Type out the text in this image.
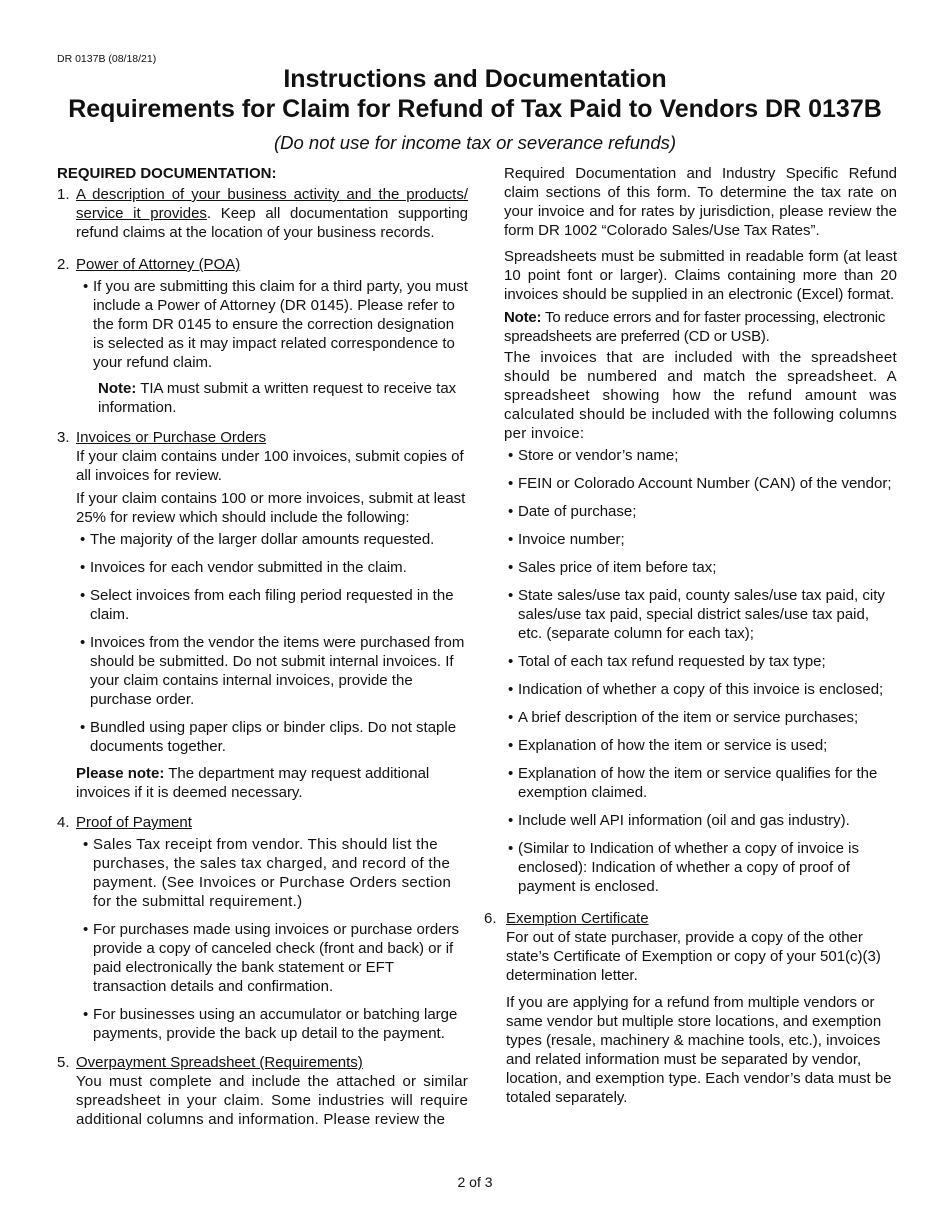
DR 0137B (08/18/21)
Instructions and Documentation
Requirements for Claim for Refund of Tax Paid to Vendors DR 0137B
(Do not use for income tax or severance refunds)

REQUIRED DOCUMENTATION:

1. A description of your business activity and the products/ service it provides. Keep all documentation supporting refund claims at the location of your business records.
2. Power of Attorney (POA)

• If you are submitting this claim for a third party, you must include a Power of Attorney (DR 0145). Please refer to the form DR 0145 to ensure the correction designation is selected as it may impact related correspondence to your refund claim.

Note: TIA must submit a written request to receive tax information.

3. Invoices or Purchase Orders

If your claim contains under 100 invoices, submit copies of all invoices for review.

If your claim contains 100 or more invoices, submit at least 25% for review which should include the following:

• The majority of the larger dollar amounts requested.

• Invoices for each vendor submitted in the claim.

• Select invoices from each filing period requested in the claim.

• Invoices from the vendor the items were purchased from should be submitted. Do not submit internal invoices. If your claim contains internal invoices, provide the purchase order.

• Bundled using paper clips or binder clips. Do not staple documents together.

Please note: The department may request additional invoices if it is deemed necessary.

4. Proof of Payment

• Sales Tax receipt from vendor. This should list the purchases, the sales tax charged, and record of the payment. (See Invoices or Purchase Orders section for the submittal requirement.)

• For purchases made using invoices or purchase orders provide a copy of canceled check (front and back) or if paid electronically the bank statement or EFT transaction details and confirmation.

• For businesses using an accumulator or batching large payments, provide the back up detail to the payment.

5. Overpayment Spreadsheet (Requirements)

You must complete and include the attached or similar spreadsheet in your claim. Some industries will require additional columns and information. Please review the

Required Documentation and Industry Specific Refund claim sections of this form. To determine the tax rate on your invoice and for rates by jurisdiction, please review the form DR 1002 “Colorado Sales/Use Tax Rates”.

Spreadsheets must be submitted in readable form (at least 10 point font or larger). Claims containing more than 20 invoices should be supplied in an electronic (Excel) format.

Note: To reduce errors and for faster processing, electronic spreadsheets are preferred (CD or USB).

The invoices that are included with the spreadsheet should be numbered and match the spreadsheet. A spreadsheet showing how the refund amount was calculated should be included with the following columns per invoice:

• Store or vendor’s name;

• FEIN or Colorado Account Number (CAN) of the vendor;

• Date of purchase;

• Invoice number;

• Sales price of item before tax;

• State sales/use tax paid, county sales/use tax paid, city sales/use tax paid, special district sales/use tax paid, etc. (separate column for each tax);

• Total of each tax refund requested by tax type;

• Indication of whether a copy of this invoice is enclosed;

• A brief description of the item or service purchases;

• Explanation of how the item or service is used;

• Explanation of how the item or service qualifies for the exemption claimed.

• Include well API information (oil and gas industry).

• (Similar to Indication of whether a copy of invoice is enclosed): Indication of whether a copy of proof of payment is enclosed.

6. Exemption Certificate

For out of state purchaser, provide a copy of the other state’s Certificate of Exemption or copy of your 501(c)(3) determination letter.

If you are applying for a refund from multiple vendors or same vendor but multiple store locations, and exemption types (resale, machinery & machine tools, etc.), invoices and related information must be separated by vendor, location, and exemption type. Each vendor’s data must be totaled separately.

2 of 3
